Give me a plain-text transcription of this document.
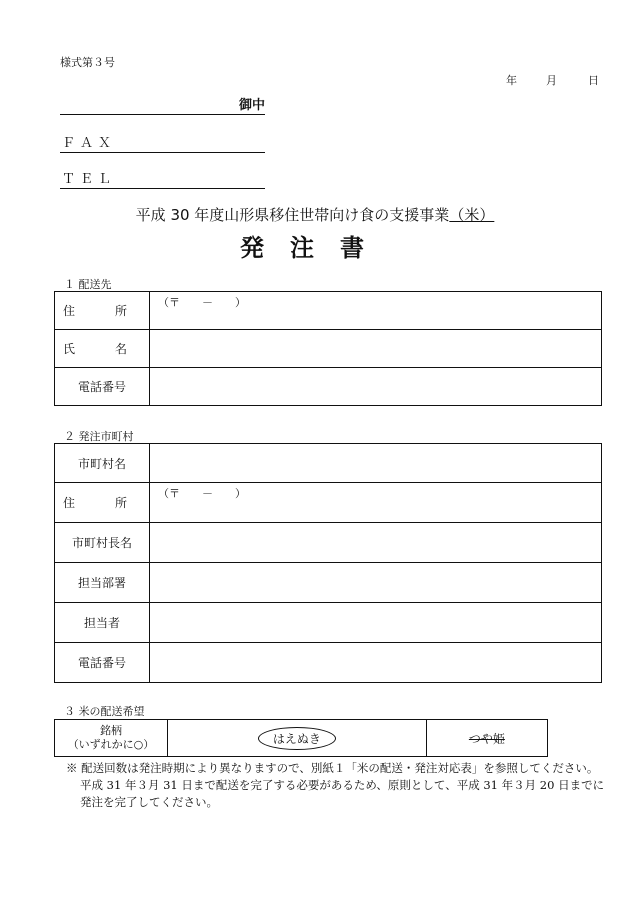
様式第３号
年	月	日
御中
ＦＡＸ
ＴＥＬ
平成 30 年度山形県移住世帯向け食の支援事業（米）
発注書
１ 配送先
住　所	（〒　　－　　）

氏　名	
電話番号	
２ 発注市町村
市町村名	
住　所	（〒　　－　　）

市町村長名	
担当部署	
担当者	
電話番号	
３ 米の配送希望
銘柄
（いずれかに○）	はえぬき	つや姫

※ 配送回数は発注時期により異なりますので、別紙１「米の配送・発注対応表」を参照してください。

平成 31 年３月 31 日まで配送を完了する必要があるため、原則として、平成 31 年３月 20 日までに発注を完了してください。
